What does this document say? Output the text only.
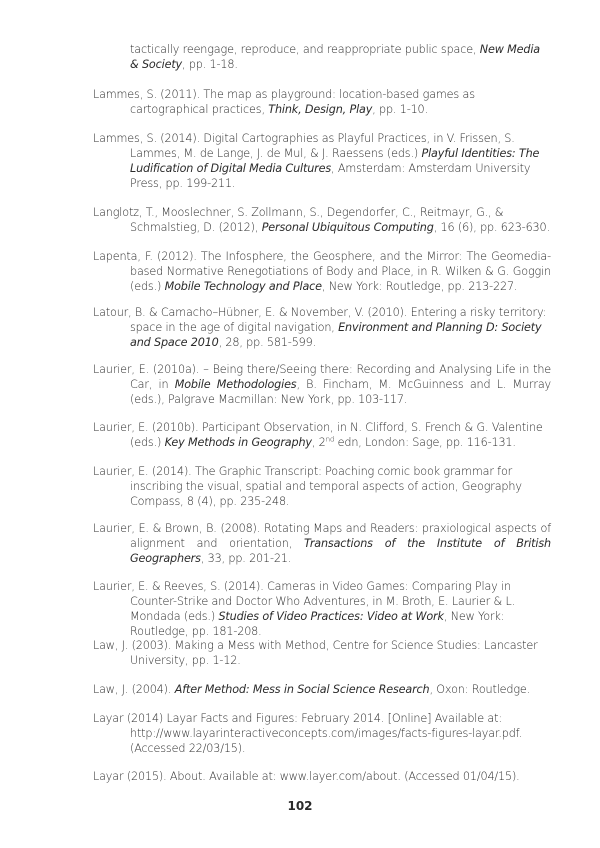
tactically reengage, reproduce, and reappropriate public space, New Media & Society, pp. 1-18.
Lammes, S. (2011). The map as playground: location-based games as cartographical practices, Think, Design, Play, pp. 1-10.
Lammes, S. (2014). Digital Cartographies as Playful Practices, in V. Frissen, S. Lammes, M. de Lange, J. de Mul, & J. Raessens (eds.) Playful Identities: The Ludification of Digital Media Cultures, Amsterdam: Amsterdam University Press, pp. 199-211.
Langlotz, T., Mooslechner, S. Zollmann, S., Degendorfer, C., Reitmayr, G., & Schmalstieg, D. (2012), Personal Ubiquitous Computing, 16 (6), pp. 623-630.
Lapenta, F. (2012). The Infosphere, the Geosphere, and the Mirror: The Geomedia-based Normative Renegotiations of Body and Place, in R. Wilken & G. Goggin (eds.) Mobile Technology and Place, New York: Routledge, pp. 213-227.
Latour, B. & Camacho–Hübner, E. & November, V. (2010). Entering a risky territory: space in the age of digital navigation, Environment and Planning D: Society and Space 2010, 28, pp. 581-599.
Laurier, E. (2010a). – Being there/Seeing there: Recording and Analysing Life in the Car, in Mobile Methodologies, B. Fincham, M. McGuinness and L. Murray (eds.), Palgrave Macmillan: New York, pp. 103-117.
Laurier, E. (2010b). Participant Observation, in N. Clifford, S. French & G. Valentine (eds.) Key Methods in Geography, 2nd edn, London: Sage, pp. 116-131.
Laurier, E. (2014). The Graphic Transcript: Poaching comic book grammar for inscribing the visual, spatial and temporal aspects of action, Geography Compass, 8 (4), pp. 235-248.
Laurier, E. & Brown, B. (2008). Rotating Maps and Readers: praxiological aspects of alignment and orientation, Transactions of the Institute of British Geographers, 33, pp. 201-21.
Laurier, E. & Reeves, S. (2014). Cameras in Video Games: Comparing Play in Counter-Strike and Doctor Who Adventures, in M. Broth, E. Laurier & L. Mondada (eds.) Studies of Video Practices: Video at Work, New York: Routledge, pp. 181-208.
Law, J. (2003). Making a Mess with Method, Centre for Science Studies: Lancaster University, pp. 1-12.
Law, J. (2004). After Method: Mess in Social Science Research, Oxon: Routledge.
Layar (2014) Layar Facts and Figures: February 2014. [Online] Available at: http://www.layarinteractiveconcepts.com/images/facts-figures-layar.pdf. (Accessed 22/03/15).
Layar (2015). About. Available at: www.layer.com/about. (Accessed 01/04/15).
102
